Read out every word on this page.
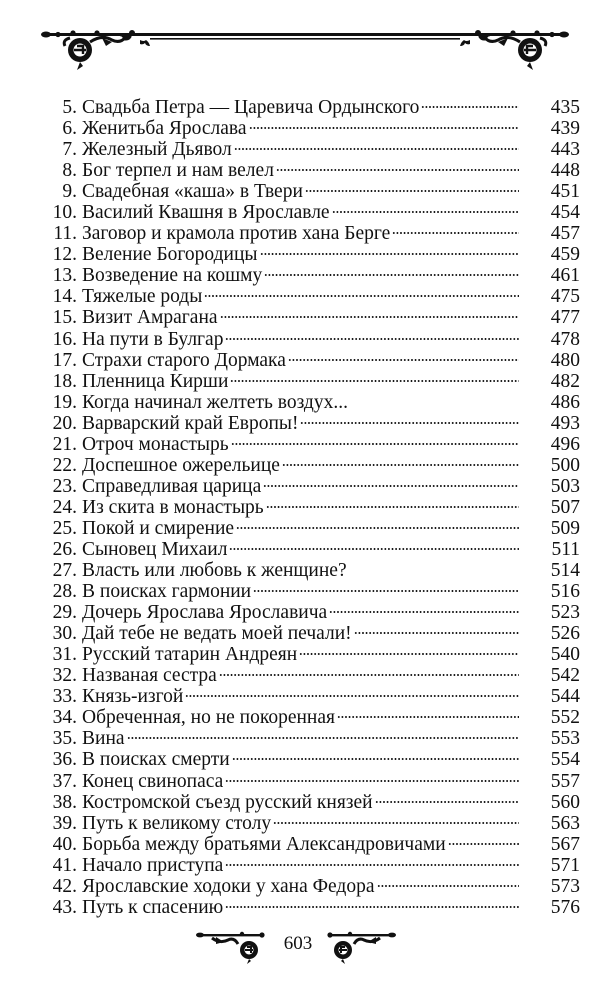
5. Свадьба Петра — Царевича Ордынского	435
6. Женитьба Ярослава	439
7. Железный Дьявол	443
8. Бог терпел и нам велел	448
9. Свадебная «каша» в Твери	451
10. Василий Квашня в Ярославле	454
11. Заговор и крамола против хана Берге	457
12. Веление Богородицы	459
13. Возведение на кошму	461
14. Тяжелые роды	475
15. Визит Амрагана	477
16. На пути в Булгар	478
17. Страхи старого Дормака	480
18. Пленница Кирши	482
19. Когда начинал желтеть воздух...	486
20. Варварский край Европы!	493
21. Отроч монастырь	496
22. Доспешное ожерельице	500
23. Справедливая царица	503
24. Из скита в монастырь	507
25. Покой и смирение	509
26. Сыновец Михаил	511
27. Власть или любовь к женщине?	514
28. В поисках гармонии	516
29. Дочерь Ярослава Ярославича	523
30. Дай тебе не ведать моей печали!	526
31. Русский татарин Андреян	540
32. Названая сестра	542
33. Князь-изгой	544
34. Обреченная, но не покоренная	552
35. Вина	553
36. В поисках смерти	554
37. Конец свинопаса	557
38. Костромской съезд русский князей	560
39. Путь к великому столу	563
40. Борьба между братьями Александровичами	567
41. Начало приступа	571
42. Ярославские ходоки у хана Федора	573
43. Путь к спасению	576
603
